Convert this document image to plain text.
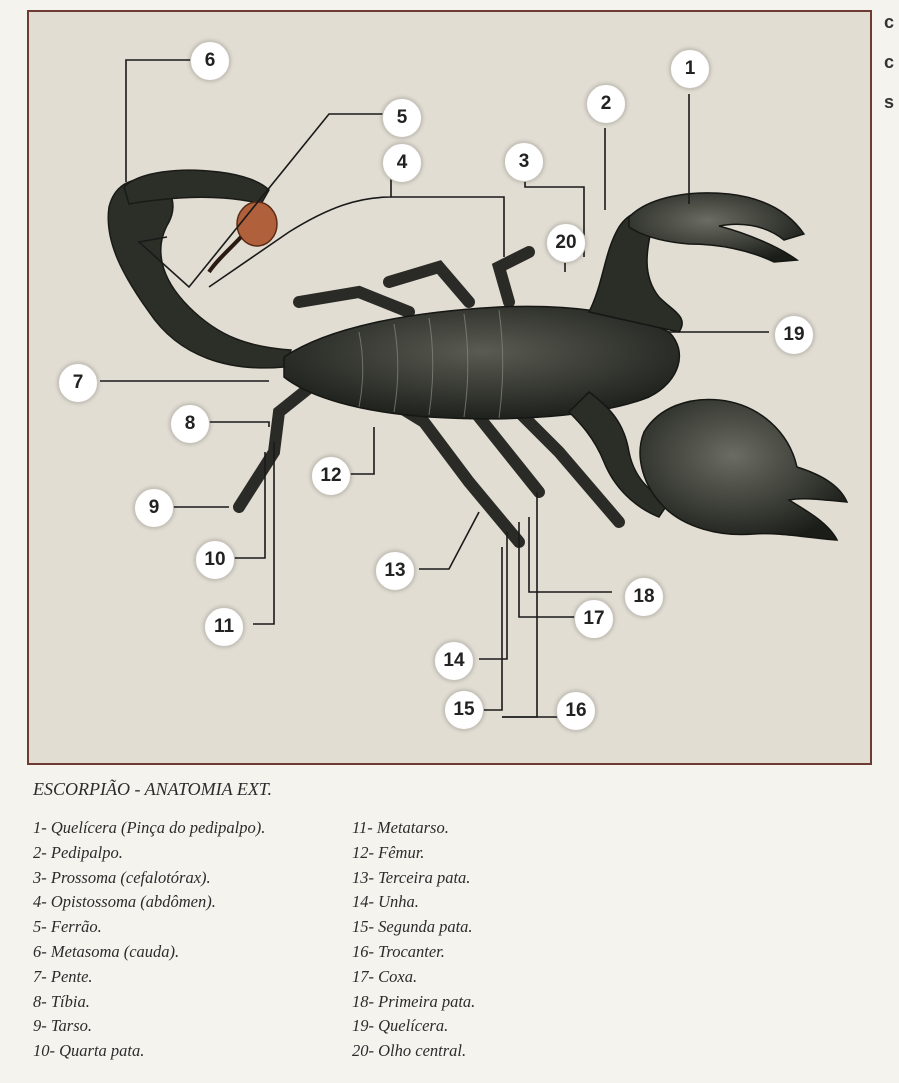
1
2
3
4
5
6
7
8
9
10
11
12
13
14
15	16
17
18
19
20
c
c
s
ESCORPIÃO - ANATOMIA EXT.
1- Quelícera (Pinça do pedipalpo).
2- Pedipalpo.
3- Prossoma (cefalotórax).
4- Opistossoma (abdômen).
5- Ferrão.
6- Metasoma (cauda).
7- Pente.
8- Tíbia.
9- Tarso.
10- Quarta pata.
11- Metatarso.
12- Fêmur.
13- Terceira pata.
14- Unha.
15- Segunda pata.
16- Trocanter.
17- Coxa.
18- Primeira pata.
19- Quelícera.
20- Olho central.
